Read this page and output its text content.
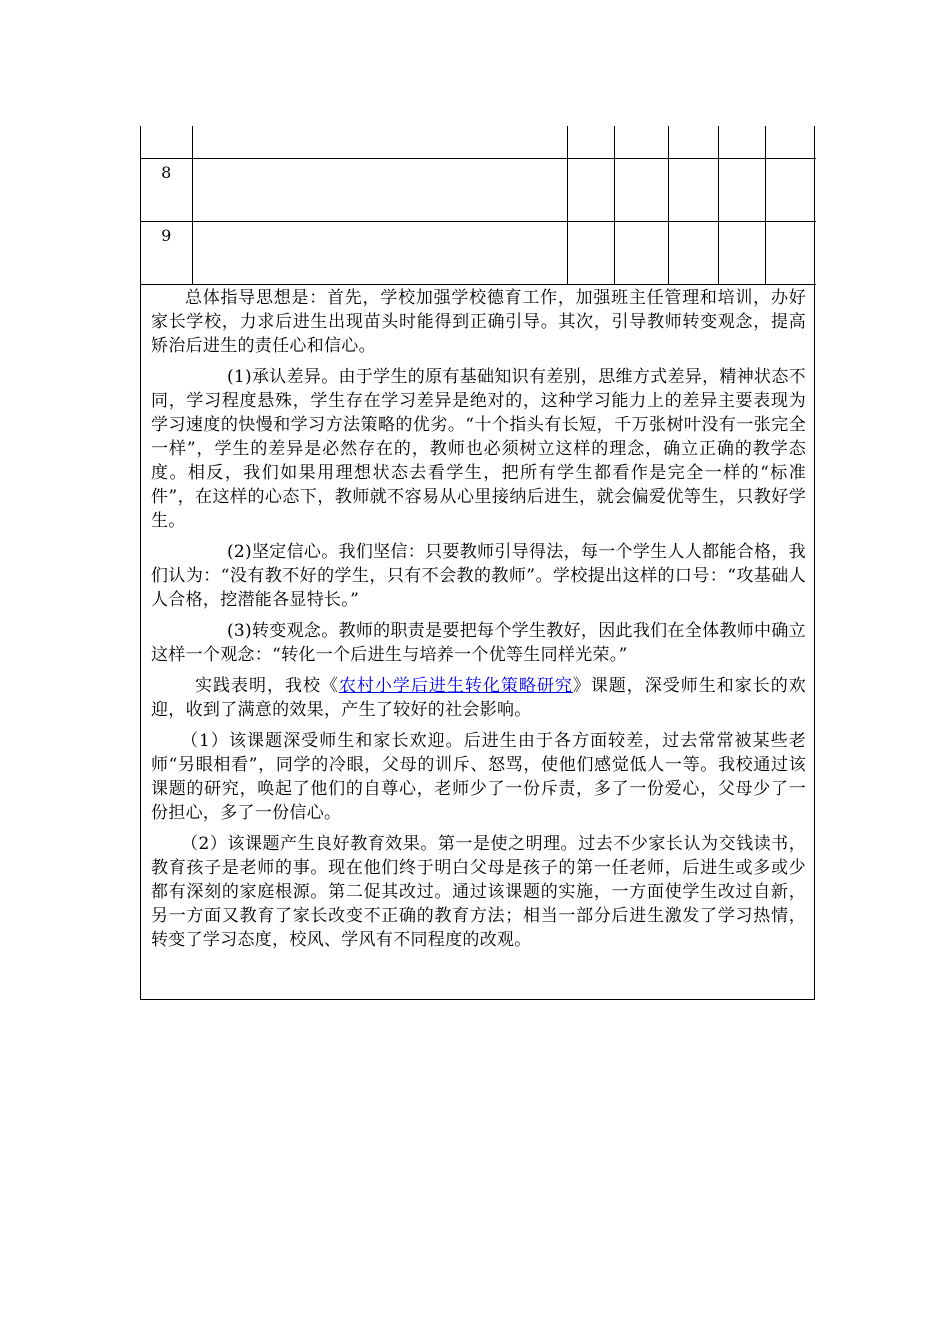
8						
9						

总体指导思想是：首先，学校加强学校德育工作，加强班主任管理和培训，办好家长学校，力求后进生出现苗头时能得到正确引导。其次，引导教师转变观念，提高矫治后进生的责任心和信心。

(1)承认差异。由于学生的原有基础知识有差别，思维方式差异，精神状态不同，学习程度悬殊，学生存在学习差异是绝对的，这种学习能力上的差异主要表现为学习速度的快慢和学习方法策略的优劣。“十个指头有长短，千万张树叶没有一张完全一样”，学生的差异是必然存在的，教师也必须树立这样的理念，确立正确的教学态度。相反，我们如果用理想状态去看学生，把所有学生都看作是完全一样的“标准件”，在这样的心态下，教师就不容易从心里接纳后进生，就会偏爱优等生，只教好学生。

(2)坚定信心。我们坚信：只要教师引导得法，每一个学生人人都能合格，我们认为：“没有教不好的学生，只有不会教的教师”。学校提出这样的口号：“攻基础人人合格，挖潜能各显特长。”

(3)转变观念。教师的职责是要把每个学生教好，因此我们在全体教师中确立这样一个观念：“转化一个后进生与培养一个优等生同样光荣。”

实践表明，我校《农村小学后进生转化策略研究》课题，深受师生和家长的欢迎，收到了满意的效果，产生了较好的社会影响。

（1）该课题深受师生和家长欢迎。后进生由于各方面较差，过去常常被某些老师“另眼相看”，同学的冷眼，父母的训斥、怒骂，使他们感觉低人一等。我校通过该课题的研究，唤起了他们的自尊心，老师少了一份斥责，多了一份爱心，父母少了一份担心，多了一份信心。

（2）该课题产生良好教育效果。第一是使之明理。过去不少家长认为交钱读书，教育孩子是老师的事。现在他们终于明白父母是孩子的第一任老师，后进生或多或少都有深刻的家庭根源。第二促其改过。通过该课题的实施，一方面使学生改过自新，另一方面又教育了家长改变不正确的教育方法；相当一部分后进生激发了学习热情，转变了学习态度，校风、学风有不同程度的改观。
